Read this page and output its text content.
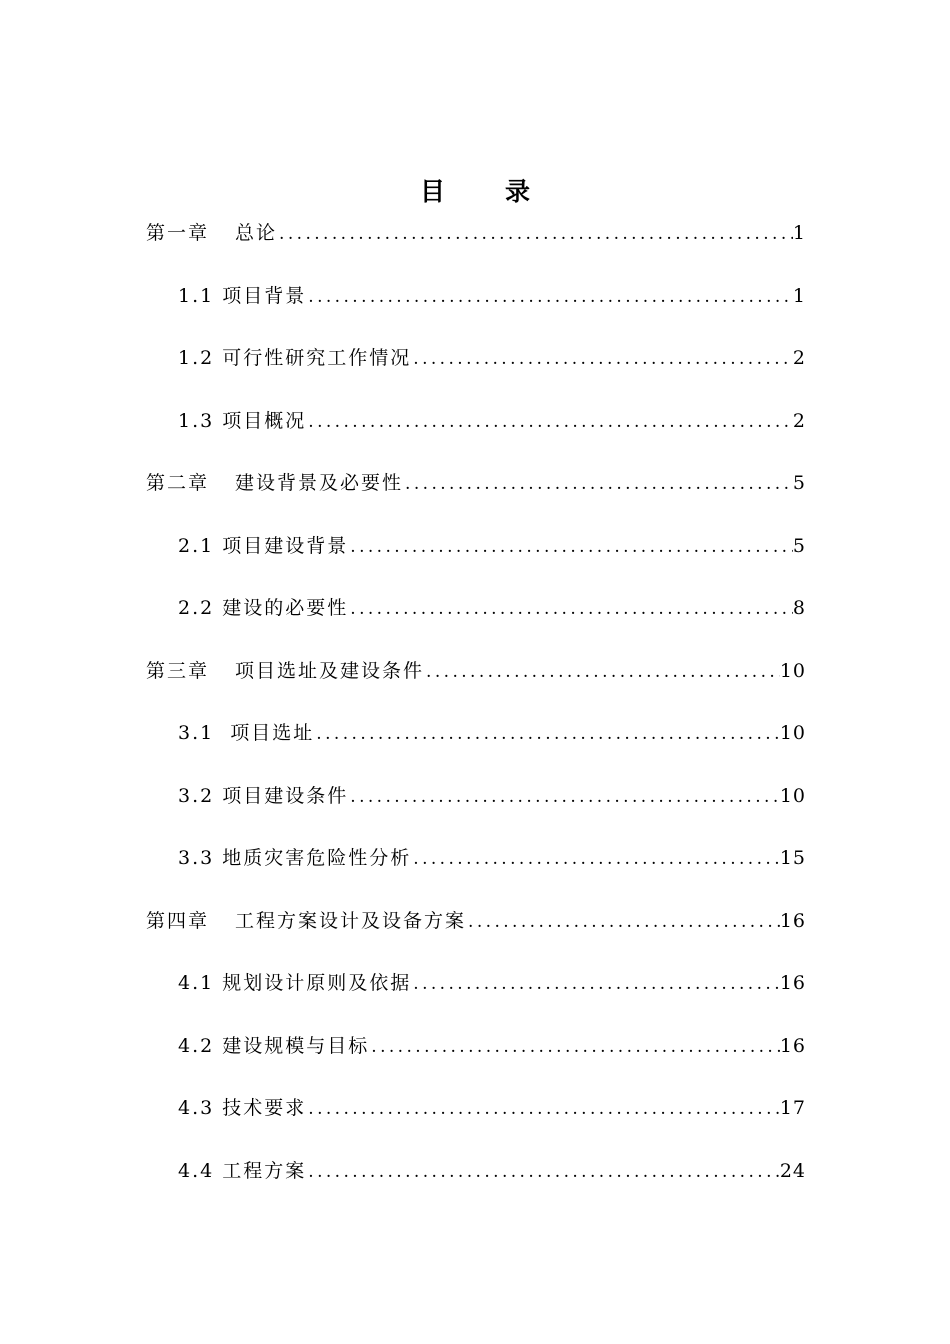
目 录
第一章 总论 .....	1
1.1 项目背景 .....	1
1.2 可行性研究工作情况 .....	2
1.3 项目概况 .....	2
第二章 建设背景及必要性 .....	5
2.1 项目建设背景 .....	5
2.2 建设的必要性 .....	8
第三章 项目选址及建设条件 .....	10
3.1  项目选址 .....	10
3.2 项目建设条件 .....	10
3.3 地质灾害危险性分析 .....	15
第四章 工程方案设计及设备方案 .....	16
4.1 规划设计原则及依据 .....	16
4.2 建设规模与目标 .....	16
4.3 技术要求 .....	17
4.4 工程方案 .....	24
